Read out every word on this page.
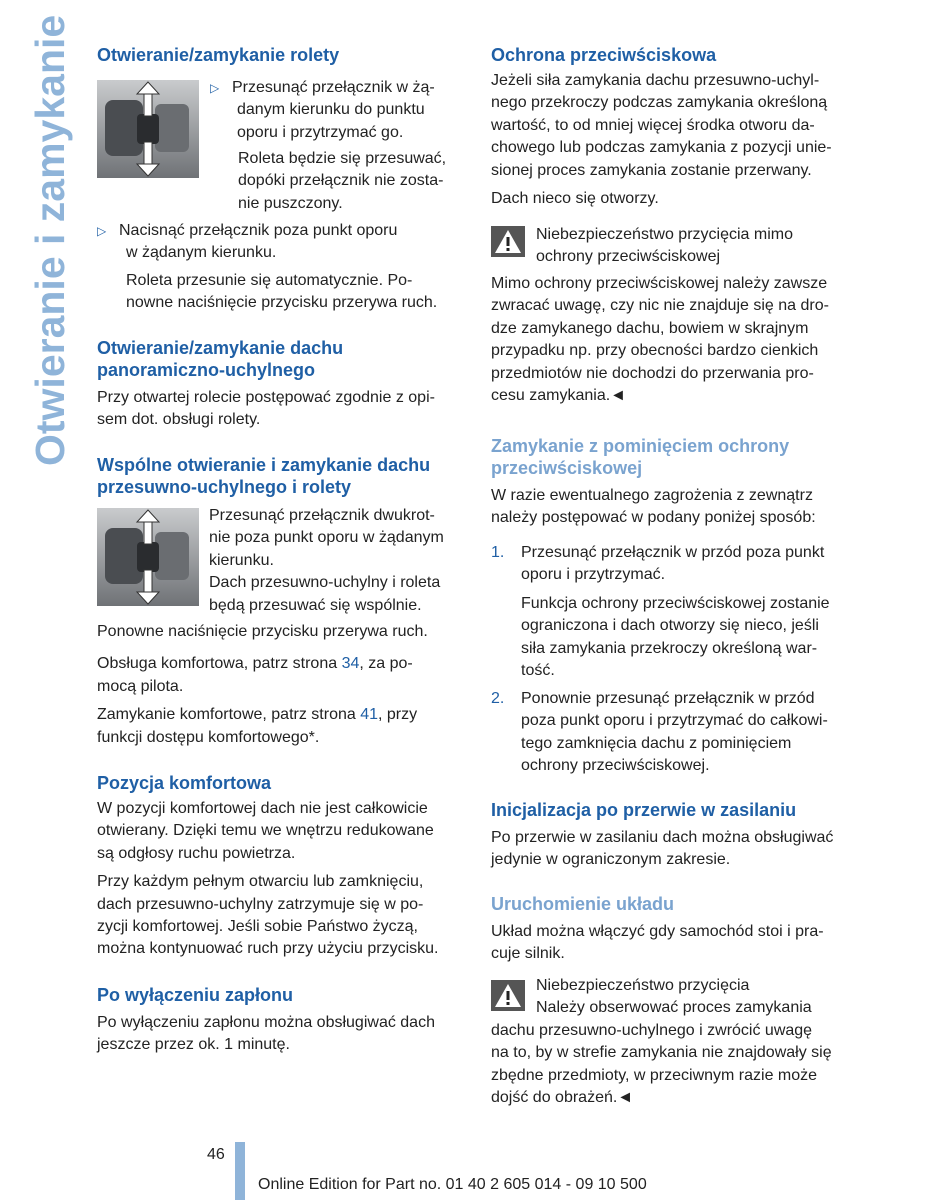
Otwieranie i zamykanie Otwieranie/zamykanie rolety

▷ Przesunąć przełącznik w żą-

danym kierunku do punktu

oporu i przytrzymać go.

Roleta będzie się przesuwać,

dopóki przełącznik nie zosta-

nie puszczony.

▷ Nacisnąć przełącznik poza punkt oporu

w żądanym kierunku.

Roleta przesunie się automatycznie. Po-

nowne naciśnięcie przycisku przerywa ruch.

Otwieranie/zamykanie dachu
panoramiczno-uchylnego

Przy otwartej rolecie postępować zgodnie z opi-

sem dot. obsługi rolety.

Wspólne otwieranie i zamykanie dachu
przesuwno-uchylnego i rolety

Przesunąć przełącznik dwukrot-

nie poza punkt oporu w żądanym

kierunku.

Dach przesuwno-uchylny i roleta

będą przesuwać się wspólnie.

Ponowne naciśnięcie przycisku przerywa ruch.

Obsługa komfortowa, patrz strona 34, za po-

mocą pilota.

Zamykanie komfortowe, patrz strona 41, przy

funkcji dostępu komfortowego*.

Pozycja komfortowa

W pozycji komfortowej dach nie jest całkowicie

otwierany. Dzięki temu we wnętrzu redukowane

są odgłosy ruchu powietrza.

Przy każdym pełnym otwarciu lub zamknięciu,

dach przesuwno-uchylny zatrzymuje się w po-

zycji komfortowej. Jeśli sobie Państwo życzą,

można kontynuować ruch przy użyciu przycisku.

Po wyłączeniu zapłonu

Po wyłączeniu zapłonu można obsługiwać dach

jeszcze przez ok. 1 minutę.

Ochrona przeciwściskowa

Jeżeli siła zamykania dachu przesuwno-uchyl-

nego przekroczy podczas zamykania określoną

wartość, to od mniej więcej środka otworu da-

chowego lub podczas zamykania z pozycji unie-

sionej proces zamykania zostanie przerwany.

Dach nieco się otworzy.

Niebezpieczeństwo przycięcia mimo

ochrony przeciwściskowej

Mimo ochrony przeciwściskowej należy zawsze

zwracać uwagę, czy nic nie znajduje się na dro-

dze zamykanego dachu, bowiem w skrajnym

przypadku np. przy obecności bardzo cienkich

przedmiotów nie dochodzi do przerwania pro-

cesu zamykania.◄

Zamykanie z pominięciem ochrony
przeciwściskowej

W razie ewentualnego zagrożenia z zewnątrz

należy postępować w podany poniżej sposób:

1. Przesunąć przełącznik w przód poza punkt

oporu i przytrzymać.

Funkcja ochrony przeciwściskowej zostanie

ograniczona i dach otworzy się nieco, jeśli

siła zamykania przekroczy określoną war-

tość.

2. Ponownie przesunąć przełącznik w przód

poza punkt oporu i przytrzymać do całkowi-

tego zamknięcia dachu z pominięciem

ochrony przeciwściskowej.

Inicjalizacja po przerwie w zasilaniu

Po przerwie w zasilaniu dach można obsługiwać

jedynie w ograniczonym zakresie.

Uruchomienie układu

Układ można włączyć gdy samochód stoi i pra-

cuje silnik.

Niebezpieczeństwo przycięcia

Należy obserwować proces zamykania

dachu przesuwno-uchylnego i zwrócić uwagę

na to, by w strefie zamykania nie znajdowały się

zbędne przedmioty, w przeciwnym razie może

dojść do obrażeń.◄

46
Online Edition for Part no. 01 40 2 605 014 - 09 10 500
